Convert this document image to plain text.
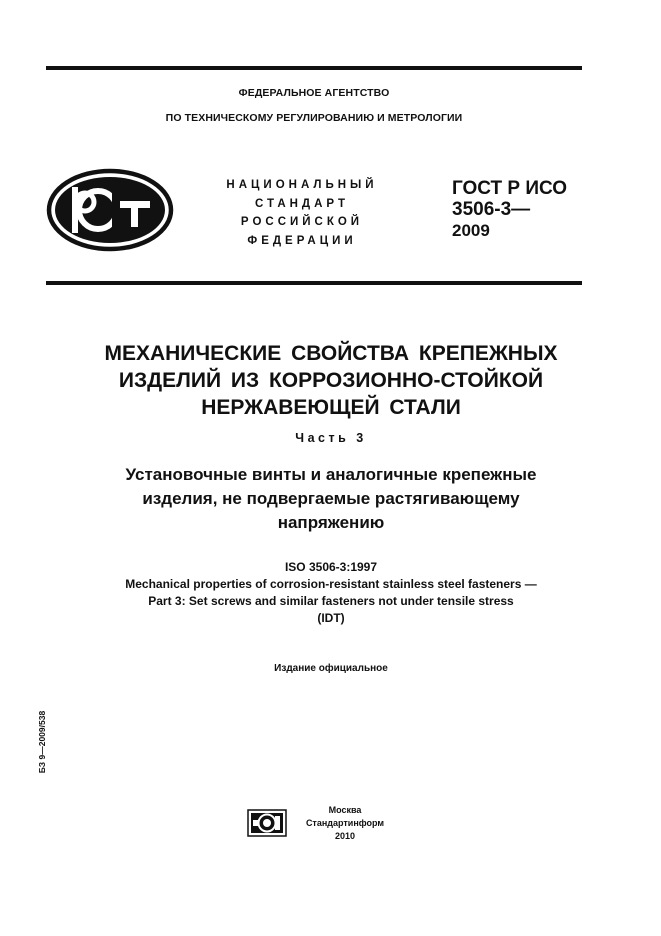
ФЕДЕРАЛЬНОЕ АГЕНТСТВО
ПО ТЕХНИЧЕСКОМУ РЕГУЛИРОВАНИЮ И МЕТРОЛОГИИ
НАЦИОНАЛЬНЫЙ
СТАНДАРТ
РОССИЙСКОЙ
ФЕДЕРАЦИИ
ГОСТ Р ИСО
3506-3—
2009
МЕХАНИЧЕСКИЕ СВОЙСТВА КРЕПЕЖНЫХ
ИЗДЕЛИЙ ИЗ КОРРОЗИОННО-СТОЙКОЙ
НЕРЖАВЕЮЩЕЙ СТАЛИ
Часть 3
Установочные винты и аналогичные крепежные
изделия, не подвергаемые растягивающему
напряжению
ISO 3506-3:1997
Mechanical properties of corrosion-resistant stainless steel fasteners —
Part 3: Set screws and similar fasteners not under tensile stress
(IDT)
Издание официальное
БЗ 9—2009/538
Москва
Стандартинформ
2010
